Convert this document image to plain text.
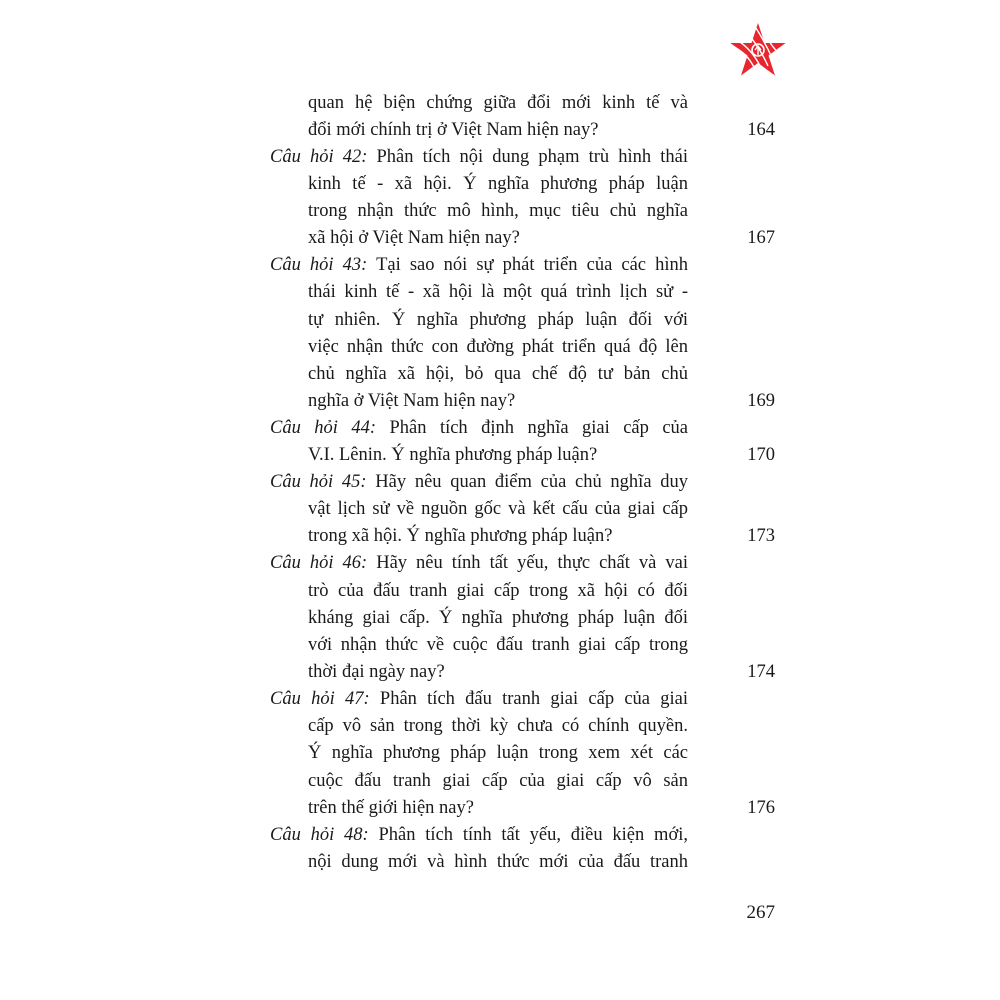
quan hệ biện chứng giữa đổi mới kinh tế và
đổi mới chính trị ở Việt Nam hiện nay?	164
Câu hỏi 42: Phân tích nội dung phạm trù hình thái
kinh tế - xã hội. Ý nghĩa phương pháp luận
trong nhận thức mô hình, mục tiêu chủ nghĩa
xã hội ở Việt Nam hiện nay?	167
Câu hỏi 43: Tại sao nói sự phát triển của các hình
thái kinh tế - xã hội là một quá trình lịch sử -
tự nhiên. Ý nghĩa phương pháp luận đối với
việc nhận thức con đường phát triển quá độ lên
chủ nghĩa xã hội, bỏ qua chế độ tư bản chủ
nghĩa ở Việt Nam hiện nay?	169
Câu hỏi 44: Phân tích định nghĩa giai cấp của
V.I. Lênin. Ý nghĩa phương pháp luận?	170
Câu hỏi 45: Hãy nêu quan điểm của chủ nghĩa duy
vật lịch sử về nguồn gốc và kết cấu của giai cấp
trong xã hội. Ý nghĩa phương pháp luận?	173
Câu hỏi 46: Hãy nêu tính tất yếu, thực chất và vai
trò của đấu tranh giai cấp trong xã hội có đối
kháng giai cấp. Ý nghĩa phương pháp luận đối
với nhận thức về cuộc đấu tranh giai cấp trong
thời đại ngày nay?	174
Câu hỏi 47: Phân tích đấu tranh giai cấp của giai
cấp vô sản trong thời kỳ chưa có chính quyền.
Ý nghĩa phương pháp luận trong xem xét các
cuộc đấu tranh giai cấp của giai cấp vô sản
trên thế giới hiện nay?	176
Câu hỏi 48: Phân tích tính tất yếu, điều kiện mới,
nội dung mới và hình thức mới của đấu tranh
267
